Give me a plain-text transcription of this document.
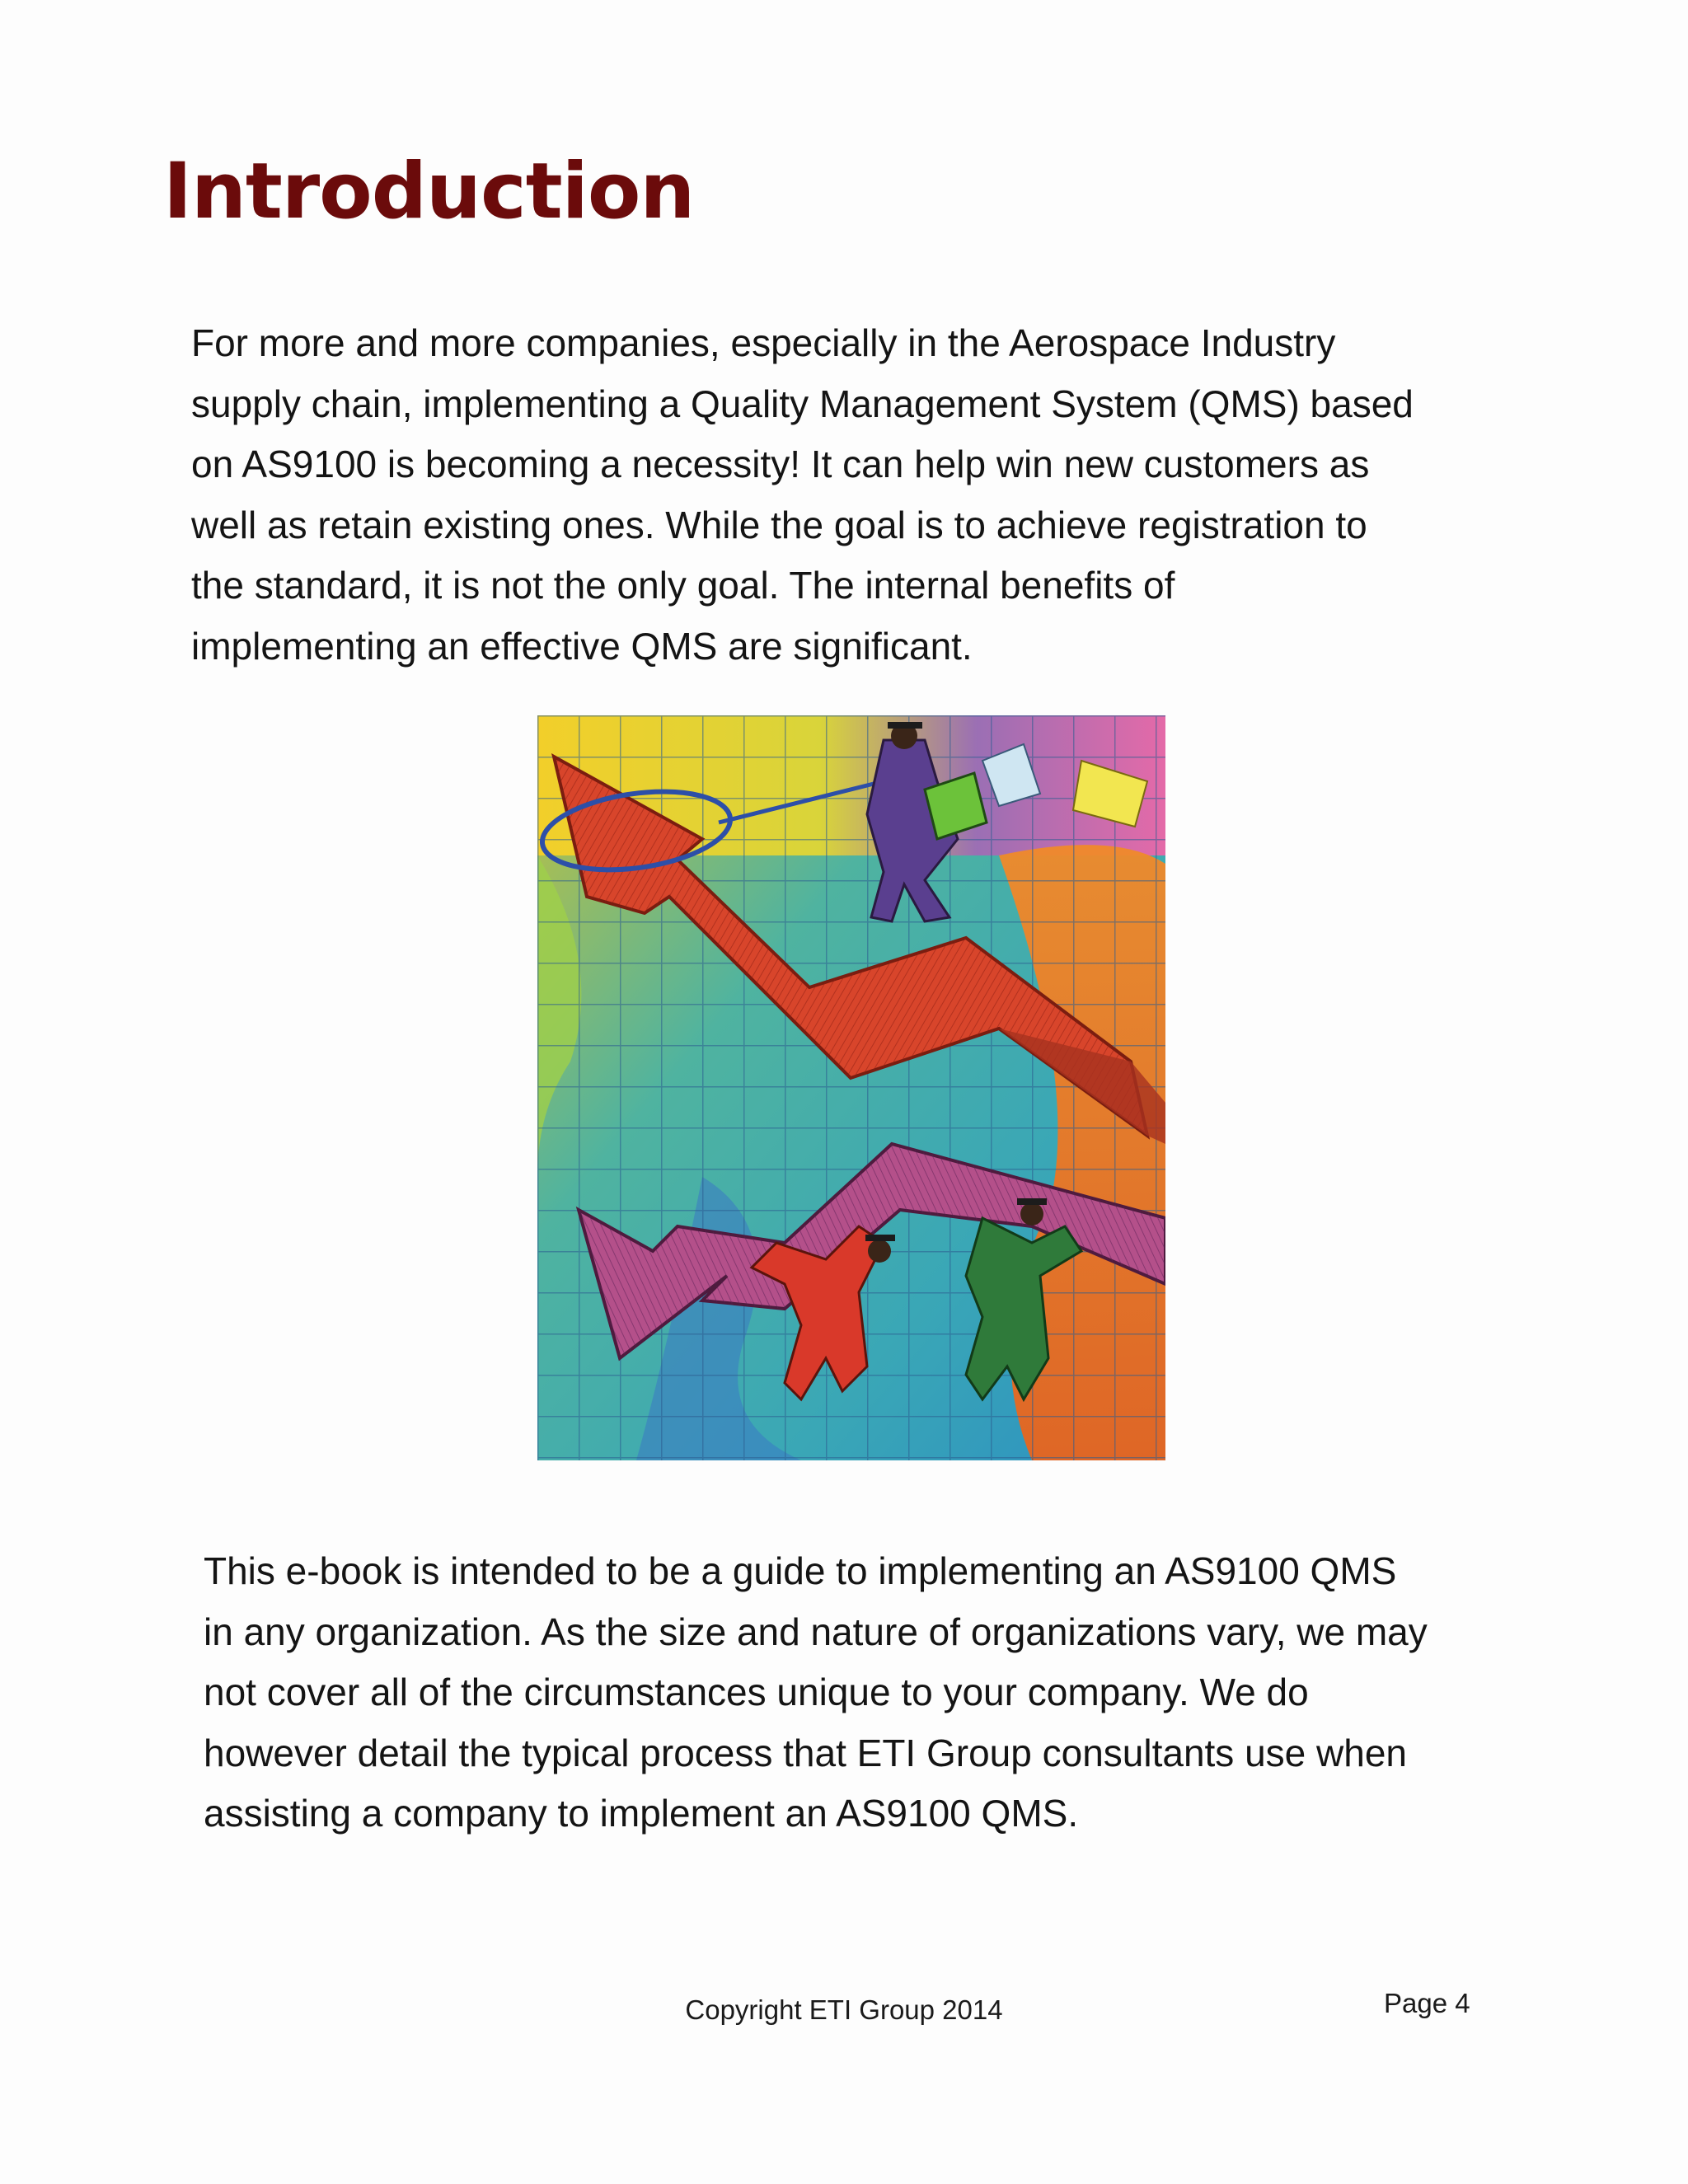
Introduction

For more and more companies, especially in the Aerospace Industry
supply chain, implementing a Quality Management System (QMS) based
on AS9100 is becoming a necessity! It can help win new customers as
well as retain existing ones. While the goal is to achieve registration to
the standard, it is not the only goal. The internal benefits of
implementing an effective QMS are significant.

This e-book is intended to be a guide to implementing an AS9100 QMS
in any organization. As the size and nature of organizations vary, we may
not cover all of the circumstances unique to your company. We do
however detail the typical process that ETI Group consultants use when
assisting a company to implement an AS9100 QMS.

Copyright ETI Group 2014	Page 4
